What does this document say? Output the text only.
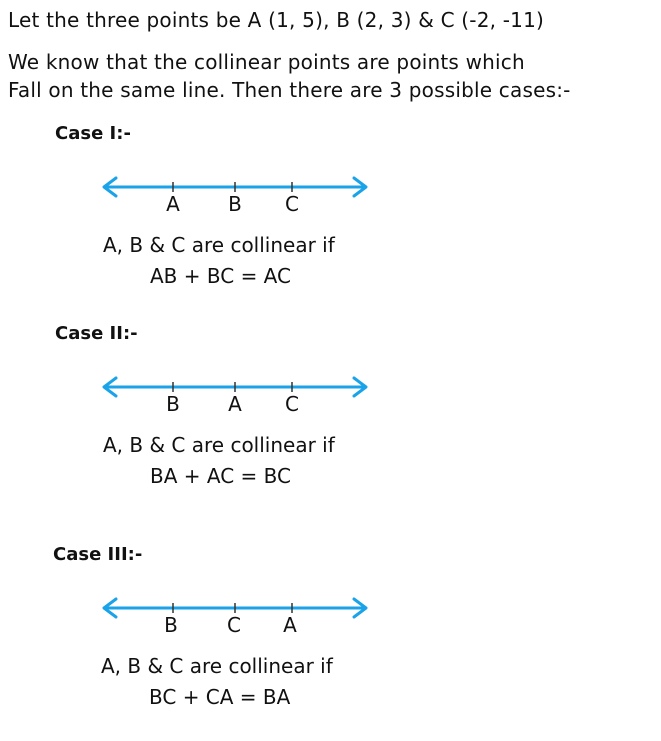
Let the three points be A (1, 5), B (2, 3) & C (-2, -11)
We know that the collinear points are points which
Fall on the same line. Then there are 3 possible cases:-
Case I:-
A	B	C
A, B & C are collinear if
AB + BC = AC
Case II:-
B	A	C
A, B & C are collinear if
BA + AC = BC
Case III:-
B	C	A
A, B & C are collinear if
BC + CA = BA
